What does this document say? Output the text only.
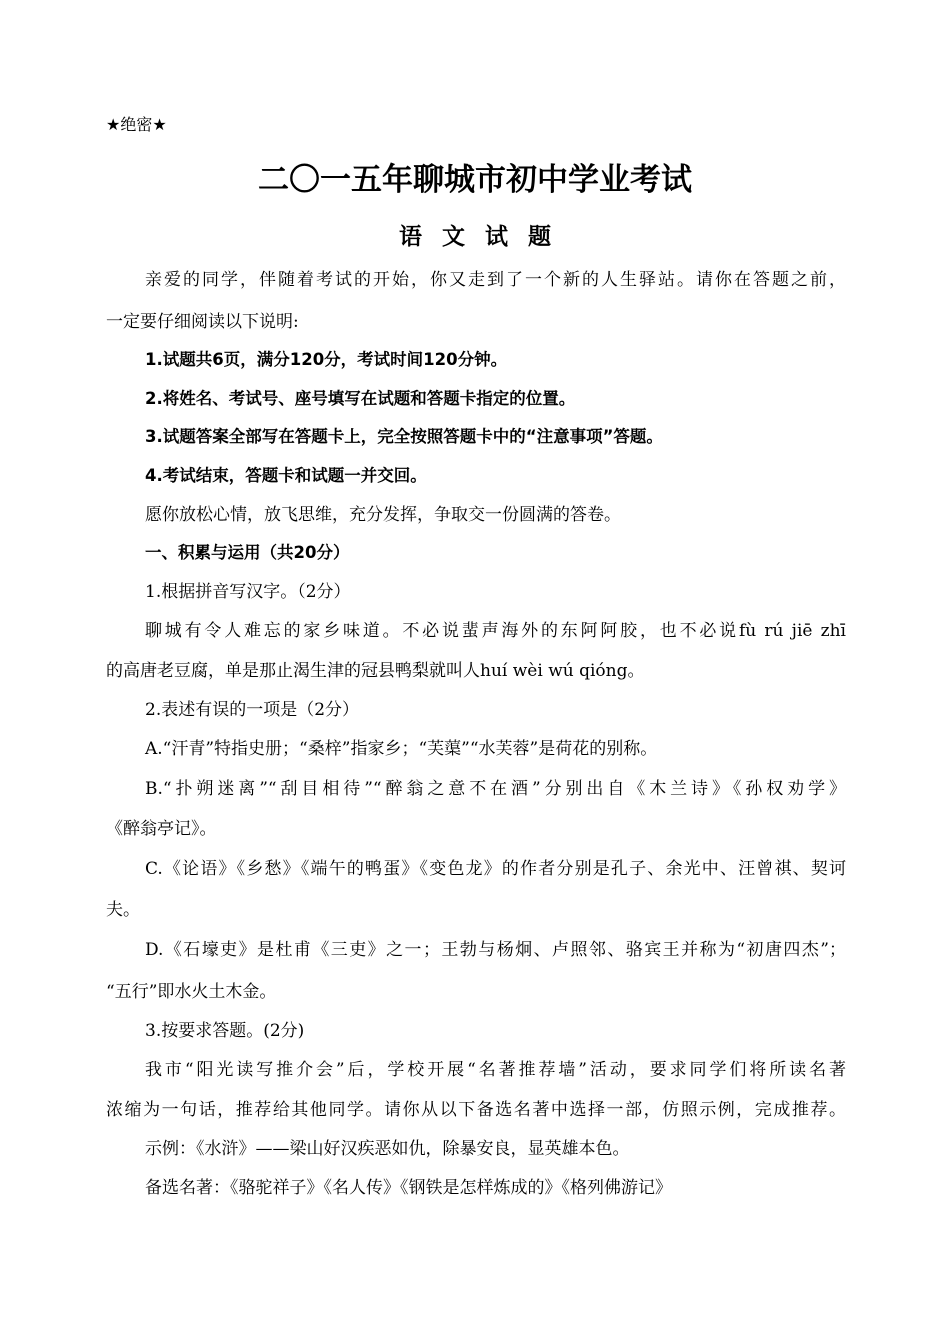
★绝密★
二〇一五年聊城市初中学业考试
语文试题
亲爱的同学，伴随着考试的开始，你又走到了一个新的人生驿站。请你在答题之前，
一定要仔细阅读以下说明:
1.试题共6页，满分120分，考试时间120分钟。
2.将姓名、考试号、座号填写在试题和答题卡指定的位置。
3.试题答案全部写在答题卡上，完全按照答题卡中的“注意事项”答题。
4.考试结束，答题卡和试题一并交回。
愿你放松心情，放飞思维，充分发挥，争取交一份圆满的答卷。
一、积累与运用（共20分）
1.根据拼音写汉字。（2分）
聊城有令人难忘的家乡味道。不必说蜚声海外的东阿阿胶，也不必说fù rú jiē zhī
的高唐老豆腐，单是那止渴生津的冠县鸭梨就叫人huí wèi wú qióng。
2.表述有误的一项是（2分）
A.“汗青”特指史册；“桑梓”指家乡；“芙蕖”“水芙蓉”是荷花的别称。
B.“扑朔迷离”“刮目相待”“醉翁之意不在酒”分别出自《木兰诗》《孙权劝学》
《醉翁亭记》。
C.《论语》《乡愁》《端午的鸭蛋》《变色龙》的作者分别是孔子、余光中、汪曾祺、契诃
夫。
D.《石壕吏》是杜甫《三吏》之一；王勃与杨炯、卢照邻、骆宾王并称为“初唐四杰”；
“五行”即水火土木金。
3.按要求答题。(2分)
我市“阳光读写推介会”后，学校开展“名著推荐墙”活动，要求同学们将所读名著
浓缩为一句话，推荐给其他同学。请你从以下备选名著中选择一部，仿照示例，完成推荐。
示例：《水浒》——梁山好汉疾恶如仇，除暴安良，显英雄本色。
备选名著：《骆驼祥子》《名人传》《钢铁是怎样炼成的》《格列佛游记》
